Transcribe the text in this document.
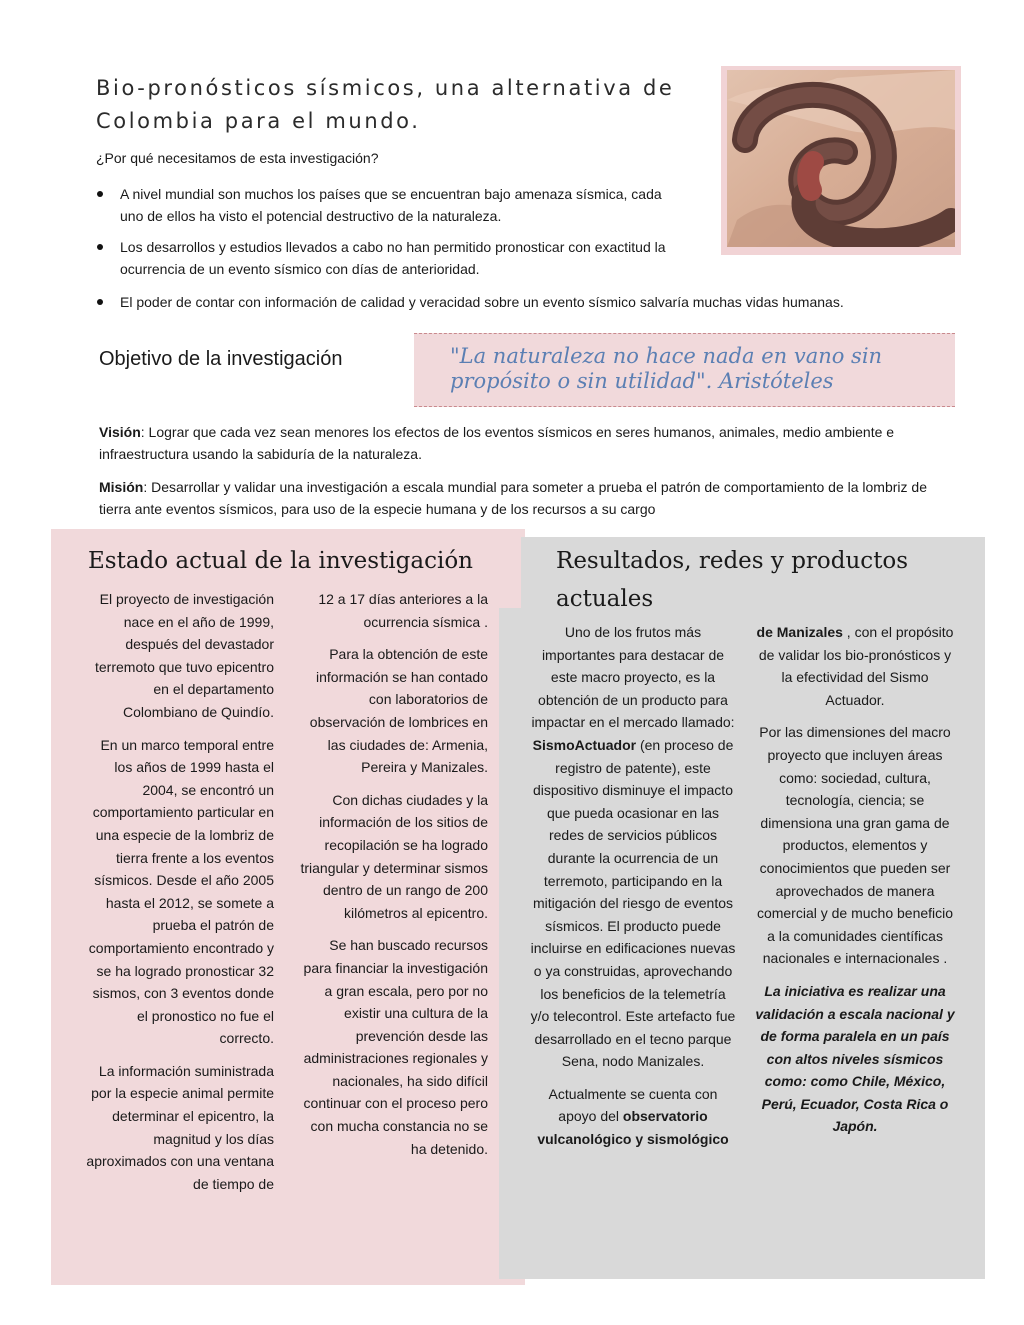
Bio-pronósticos sísmicos, una alternativa de Colombia para el mundo.

¿Por qué necesitamos de esta investigación?

A nivel mundial son muchos los países que se encuentran bajo amenaza sísmica, cada uno de ellos ha visto el potencial destructivo de la naturaleza.
Los desarrollos y estudios llevados a cabo no han permitido pronosticar con exactitud la ocurrencia de un evento sísmico con días de anterioridad.
El poder de contar con información de calidad y veracidad sobre un evento sísmico salvaría muchas vidas humanas.
Objetivo de la investigación	"La naturaleza no hace nada en vano sin propósito o sin utilidad". Aristóteles

Visión: Lograr que cada vez sean menores los efectos de los eventos sísmicos en seres humanos, animales, medio ambiente e infraestructura usando la sabiduría de la naturaleza.

Misión: Desarrollar y validar una investigación a escala mundial para someter a prueba el patrón de comportamiento de la lombriz de tierra ante eventos sísmicos, para uso de la especie humana y de los recursos a su cargo

Estado actual de la investigación

El proyecto de investigación nace en el año de 1999, después del devastador terremoto que tuvo epicentro en el departamento Colombiano de Quindío.

En un marco temporal entre los años de 1999 hasta el 2004, se encontró un comportamiento particular en una especie de la lombriz de tierra frente a los eventos sísmicos. Desde el año 2005 hasta el 2012, se somete a prueba el patrón de comportamiento encontrado y se ha logrado pronosticar 32 sismos, con 3 eventos donde el pronostico no fue el correcto.

La información suministrada por la especie animal permite determinar el epicentro, la magnitud y los días aproximados con una ventana de tiempo de

12 a 17 días anteriores a la ocurrencia sísmica .

Para la obtención de este información se han contado con laboratorios de observación de lombrices en las ciudades de: Armenia, Pereira y Manizales.

Con dichas ciudades y la información de los sitios de recopilación se ha logrado triangular y determinar sismos dentro de un rango de 200 kilómetros al epicentro.

Se han buscado recursos para financiar la investigación a gran escala, pero por no existir una cultura de la prevención desde las administraciones regionales y nacionales, ha sido difícil continuar con el proceso pero con mucha constancia no se ha detenido.

Resultados, redes y productos actuales

Uno de los frutos más importantes para destacar de este macro proyecto, es la obtención de un producto para impactar en el mercado llamado: SismoActuador (en proceso de registro de patente), este dispositivo disminuye el impacto que pueda ocasionar en las redes de servicios públicos durante la ocurrencia de un terremoto, participando en la mitigación del riesgo de eventos sísmicos. El producto puede incluirse en edificaciones nuevas o ya construidas, aprovechando los beneficios de la telemetría y/o telecontrol. Este artefacto fue desarrollado en el tecno parque Sena, nodo Manizales.

Actualmente se cuenta con apoyo del observatorio vulcanológico y sismológico

de Manizales , con el propósito de validar los bio-pronósticos y la efectividad del Sismo Actuador.

Por las dimensiones del macro proyecto que incluyen áreas como: sociedad, cultura, tecnología, ciencia; se dimensiona una gran gama de productos, elementos y conocimientos que pueden ser aprovechados de manera comercial y de mucho beneficio a la comunidades científicas nacionales e internacionales .

La iniciativa es realizar una validación a escala nacional y de forma paralela en un país con altos niveles sísmicos como: como Chile, México, Perú, Ecuador, Costa Rica o Japón.
